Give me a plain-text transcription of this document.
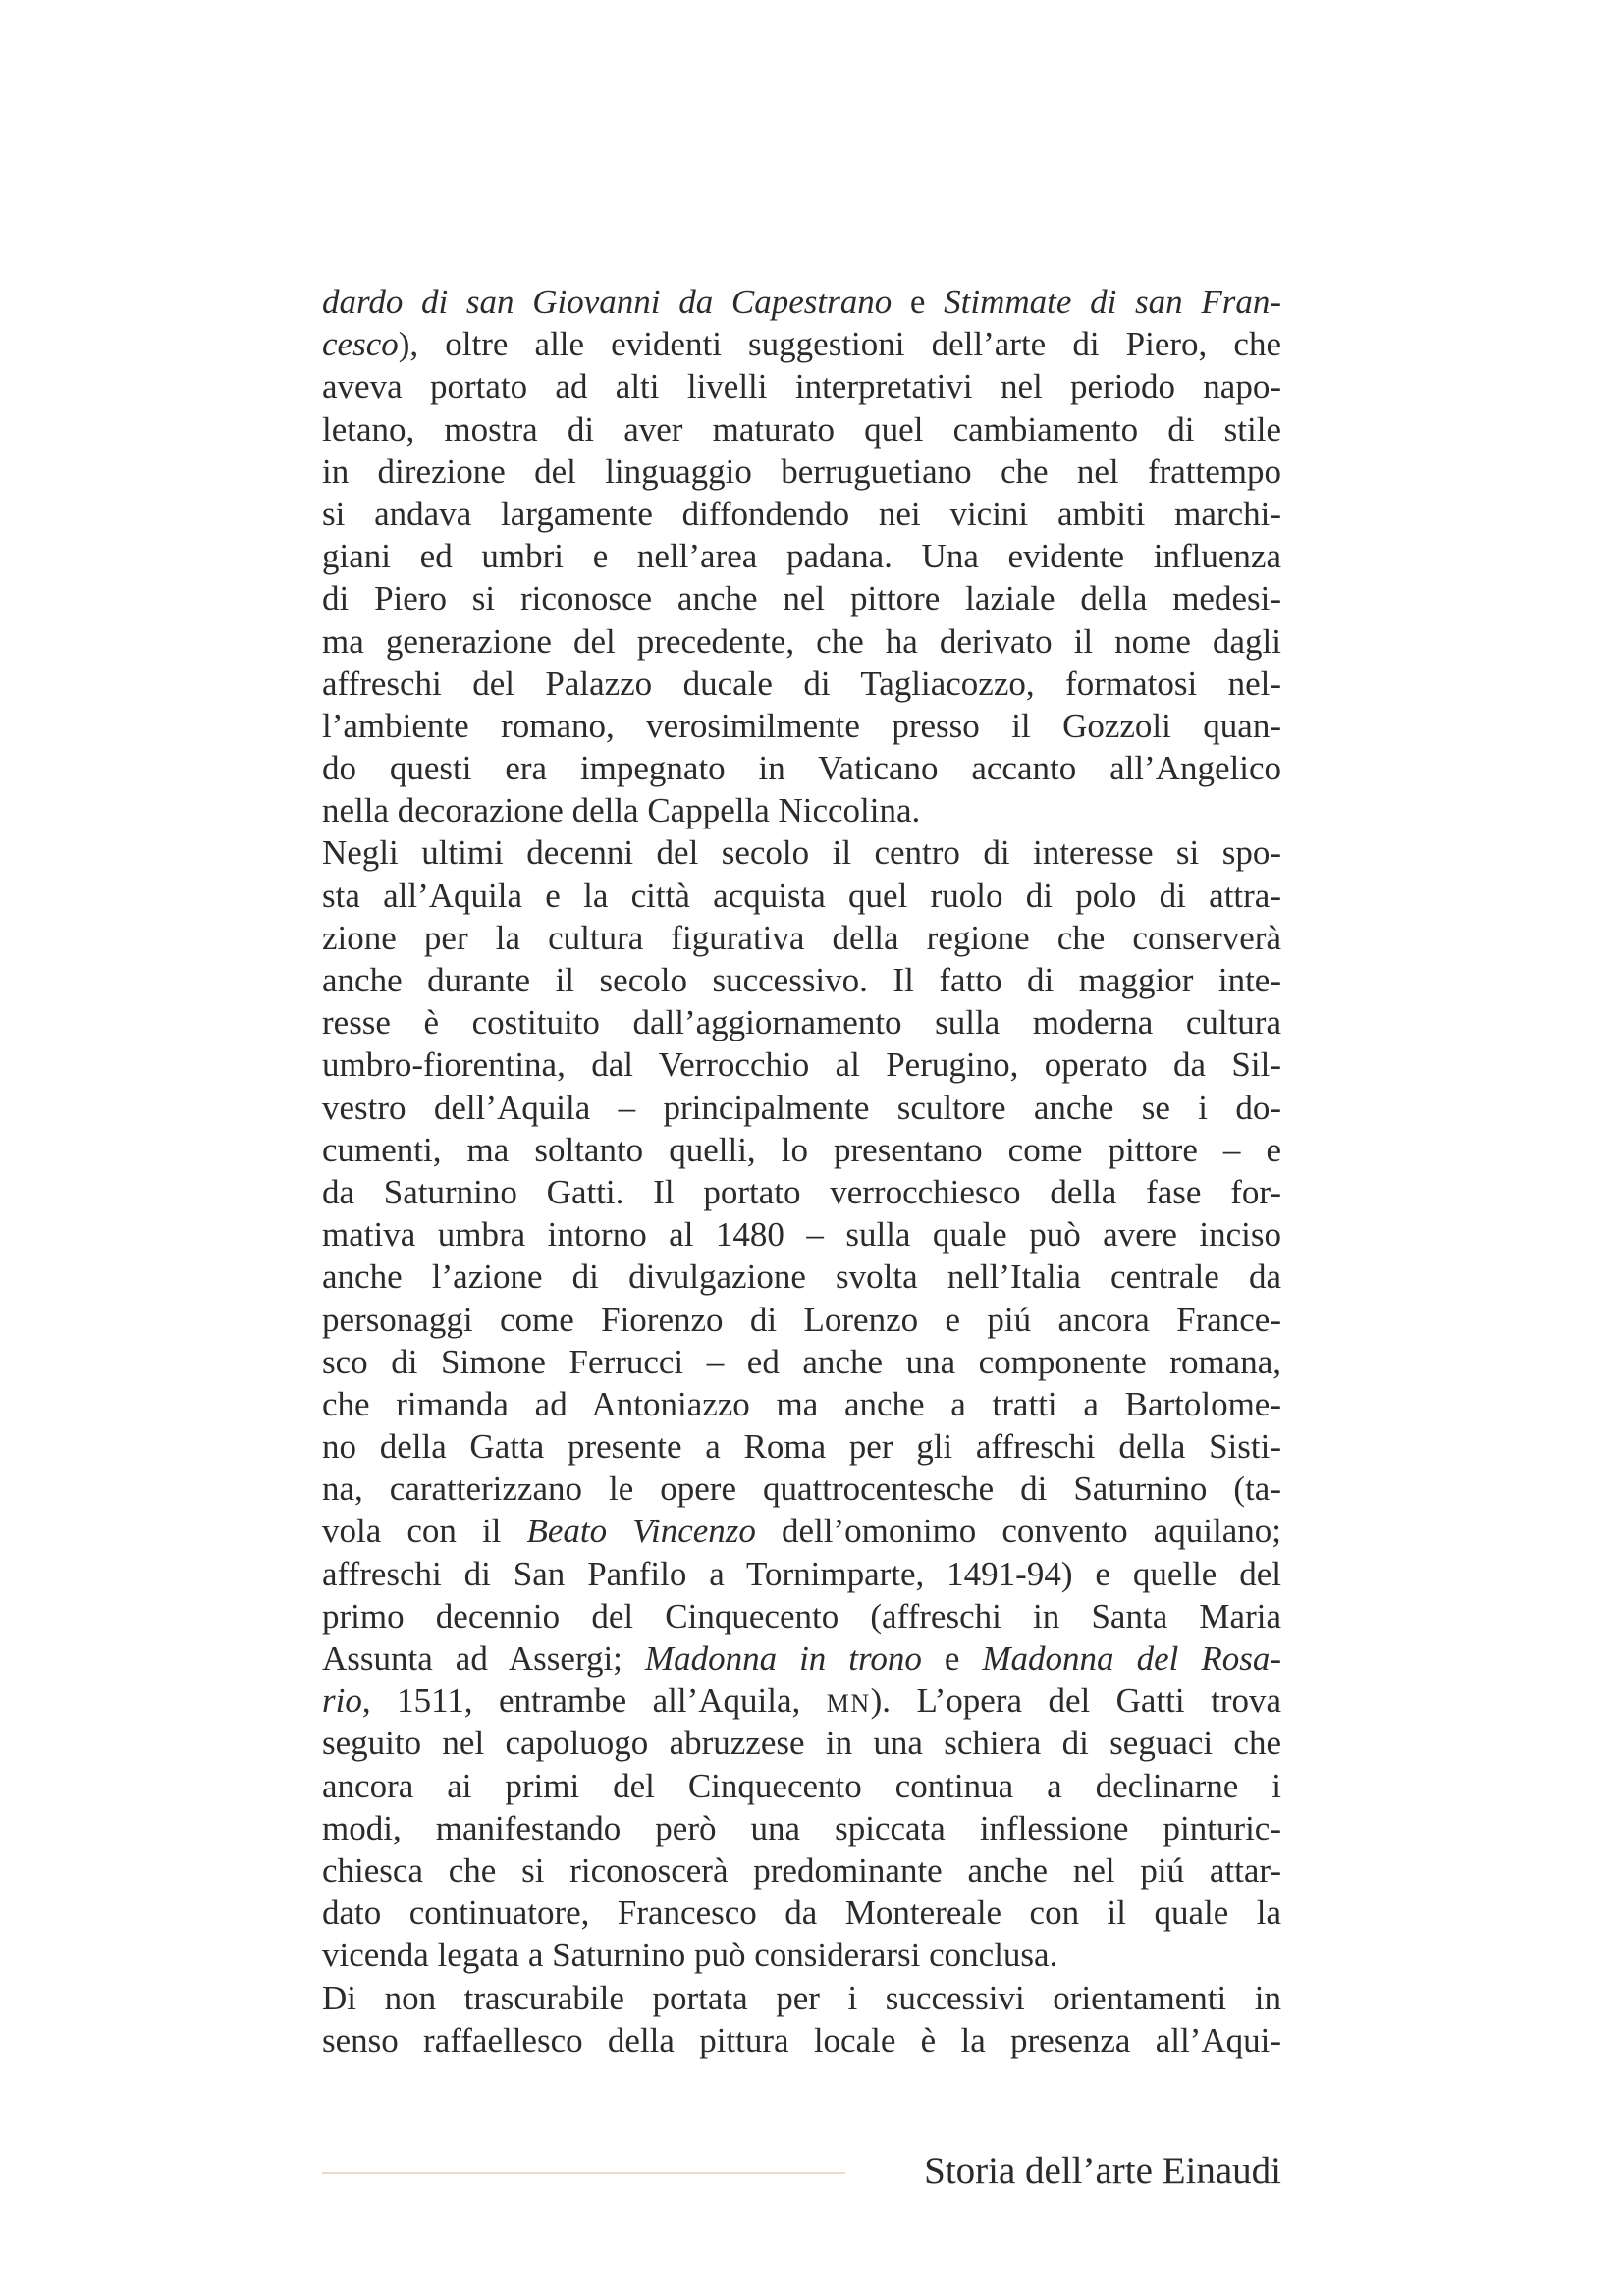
dardo di san Giovanni da Capestrano e Stimmate di san Fran-
cesco), oltre alle evidenti suggestioni dell’arte di Piero, che
aveva portato ad alti livelli interpretativi nel periodo napo-
letano, mostra di aver maturato quel cambiamento di stile
in direzione del linguaggio berruguetiano che nel frattempo
si andava largamente diffondendo nei vicini ambiti marchi-
giani ed umbri e nell’area padana. Una evidente influenza
di Piero si riconosce anche nel pittore laziale della medesi-
ma generazione del precedente, che ha derivato il nome dagli
affreschi del Palazzo ducale di Tagliacozzo, formatosi nel-
l’ambiente romano, verosimilmente presso il Gozzoli quan-
do questi era impegnato in Vaticano accanto all’Angelico
nella decorazione della Cappella Niccolina.
Negli ultimi decenni del secolo il centro di interesse si spo-
sta all’Aquila e la città acquista quel ruolo di polo di attra-
zione per la cultura figurativa della regione che conserverà
anche durante il secolo successivo. Il fatto di maggior inte-
resse è costituito dall’aggiornamento sulla moderna cultura
umbro-fiorentina, dal Verrocchio al Perugino, operato da Sil-
vestro dell’Aquila – principalmente scultore anche se i do-
cumenti, ma soltanto quelli, lo presentano come pittore – e
da Saturnino Gatti. Il portato verrocchiesco della fase for-
mativa umbra intorno al 1480 – sulla quale può avere inciso
anche l’azione di divulgazione svolta nell’Italia centrale da
personaggi come Fiorenzo di Lorenzo e piú ancora France-
sco di Simone Ferrucci – ed anche una componente romana,
che rimanda ad Antoniazzo ma anche a tratti a Bartolome-
no della Gatta presente a Roma per gli affreschi della Sisti-
na, caratterizzano le opere quattrocentesche di Saturnino (ta-
vola con il Beato Vincenzo dell’omonimo convento aquilano;
affreschi di San Panfilo a Tornimparte, 1491-94) e quelle del
primo decennio del Cinquecento (affreschi in Santa Maria
Assunta ad Assergi; Madonna in trono e Madonna del Rosa-
rio, 1511, entrambe all’Aquila, MN). L’opera del Gatti trova
seguito nel capoluogo abruzzese in una schiera di seguaci che
ancora ai primi del Cinquecento continua a declinarne i
modi, manifestando però una spiccata inflessione pinturic-
chiesca che si riconoscerà predominante anche nel piú attar-
dato continuatore, Francesco da Montereale con il quale la
vicenda legata a Saturnino può considerarsi conclusa.
Di non trascurabile portata per i successivi orientamenti in
senso raffaellesco della pittura locale è la presenza all’Aqui-
Storia dell’arte Einaudi
